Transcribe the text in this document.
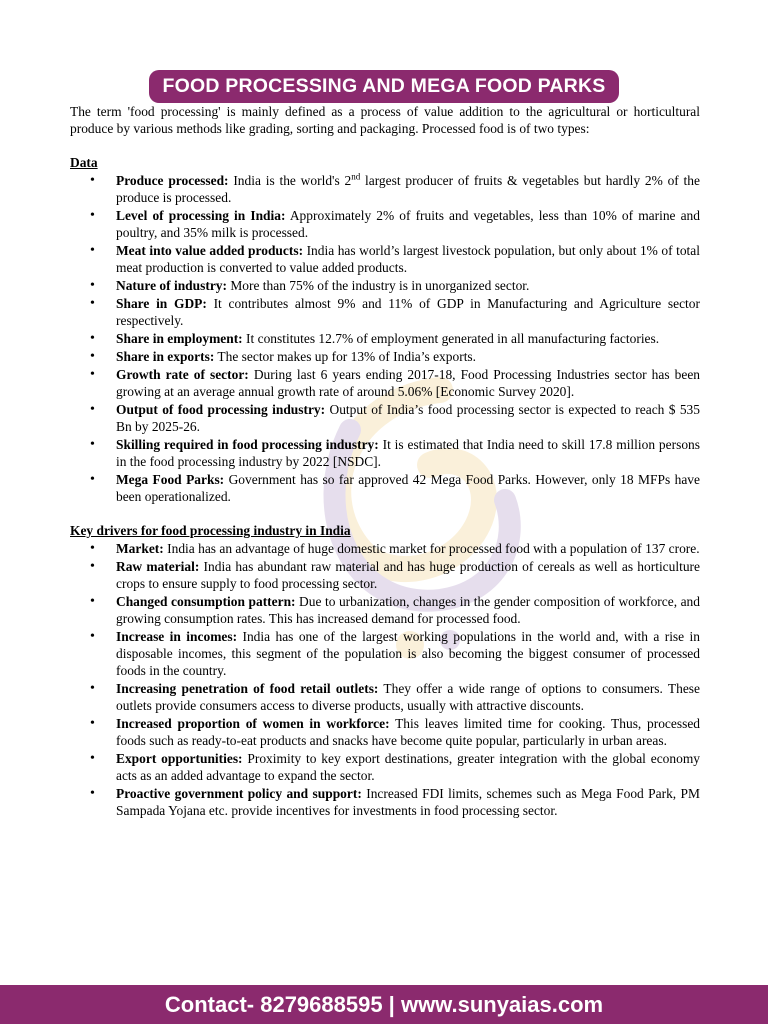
FOOD PROCESSING AND MEGA FOOD PARKS

The term 'food processing' is mainly defined as a process of value addition to the agricultural or horticultural produce by various methods like grading, sorting and packaging. Processed food is of two types:

Data
• Produce processed: India is the world's 2nd largest producer of fruits & vegetables but hardly 2% of the produce is processed.
• Level of processing in India: Approximately 2% of fruits and vegetables, less than 10% of marine and poultry, and 35% milk is processed.
• Meat into value added products: India has world’s largest livestock population, but only about 1% of total meat production is converted to value added products.
• Nature of industry: More than 75% of the industry is in unorganized sector.
• Share in GDP: It contributes almost 9% and 11% of GDP in Manufacturing and Agriculture sector respectively.
• Share in employment: It constitutes 12.7% of employment generated in all manufacturing factories.
• Share in exports: The sector makes up for 13% of India’s exports.
• Growth rate of sector: During last 6 years ending 2017-18, Food Processing Industries sector has been growing at an average annual growth rate of around 5.06% [Economic Survey 2020].
• Output of food processing industry: Output of India’s food processing sector is expected to reach $ 535 Bn by 2025-26.
• Skilling required in food processing industry: It is estimated that India need to skill 17.8 million persons in the food processing industry by 2022 [NSDC].
• Mega Food Parks: Government has so far approved 42 Mega Food Parks. However, only 18 MFPs have been operationalized.
Key drivers for food processing industry in India
• Market: India has an advantage of huge domestic market for processed food with a population of 137 crore.
• Raw material: India has abundant raw material and has huge production of cereals as well as horticulture crops to ensure supply to food processing sector.
• Changed consumption pattern: Due to urbanization, changes in the gender composition of workforce, and growing consumption rates. This has increased demand for processed food.
• Increase in incomes: India has one of the largest working populations in the world and, with a rise in disposable incomes, this segment of the population is also becoming the biggest consumer of processed foods in the country.
• Increasing penetration of food retail outlets: They offer a wide range of options to consumers. These outlets provide consumers access to diverse products, usually with attractive discounts.
• Increased proportion of women in workforce: This leaves limited time for cooking. Thus, processed foods such as ready-to-eat products and snacks have become quite popular, particularly in urban areas.
• Export opportunities: Proximity to key export destinations, greater integration with the global economy acts as an added advantage to expand the sector.
• Proactive government policy and support: Increased FDI limits, schemes such as Mega Food Park, PM Sampada Yojana etc. provide incentives for investments in food processing sector.
Contact- 8279688595 | www.sunyaias.com
